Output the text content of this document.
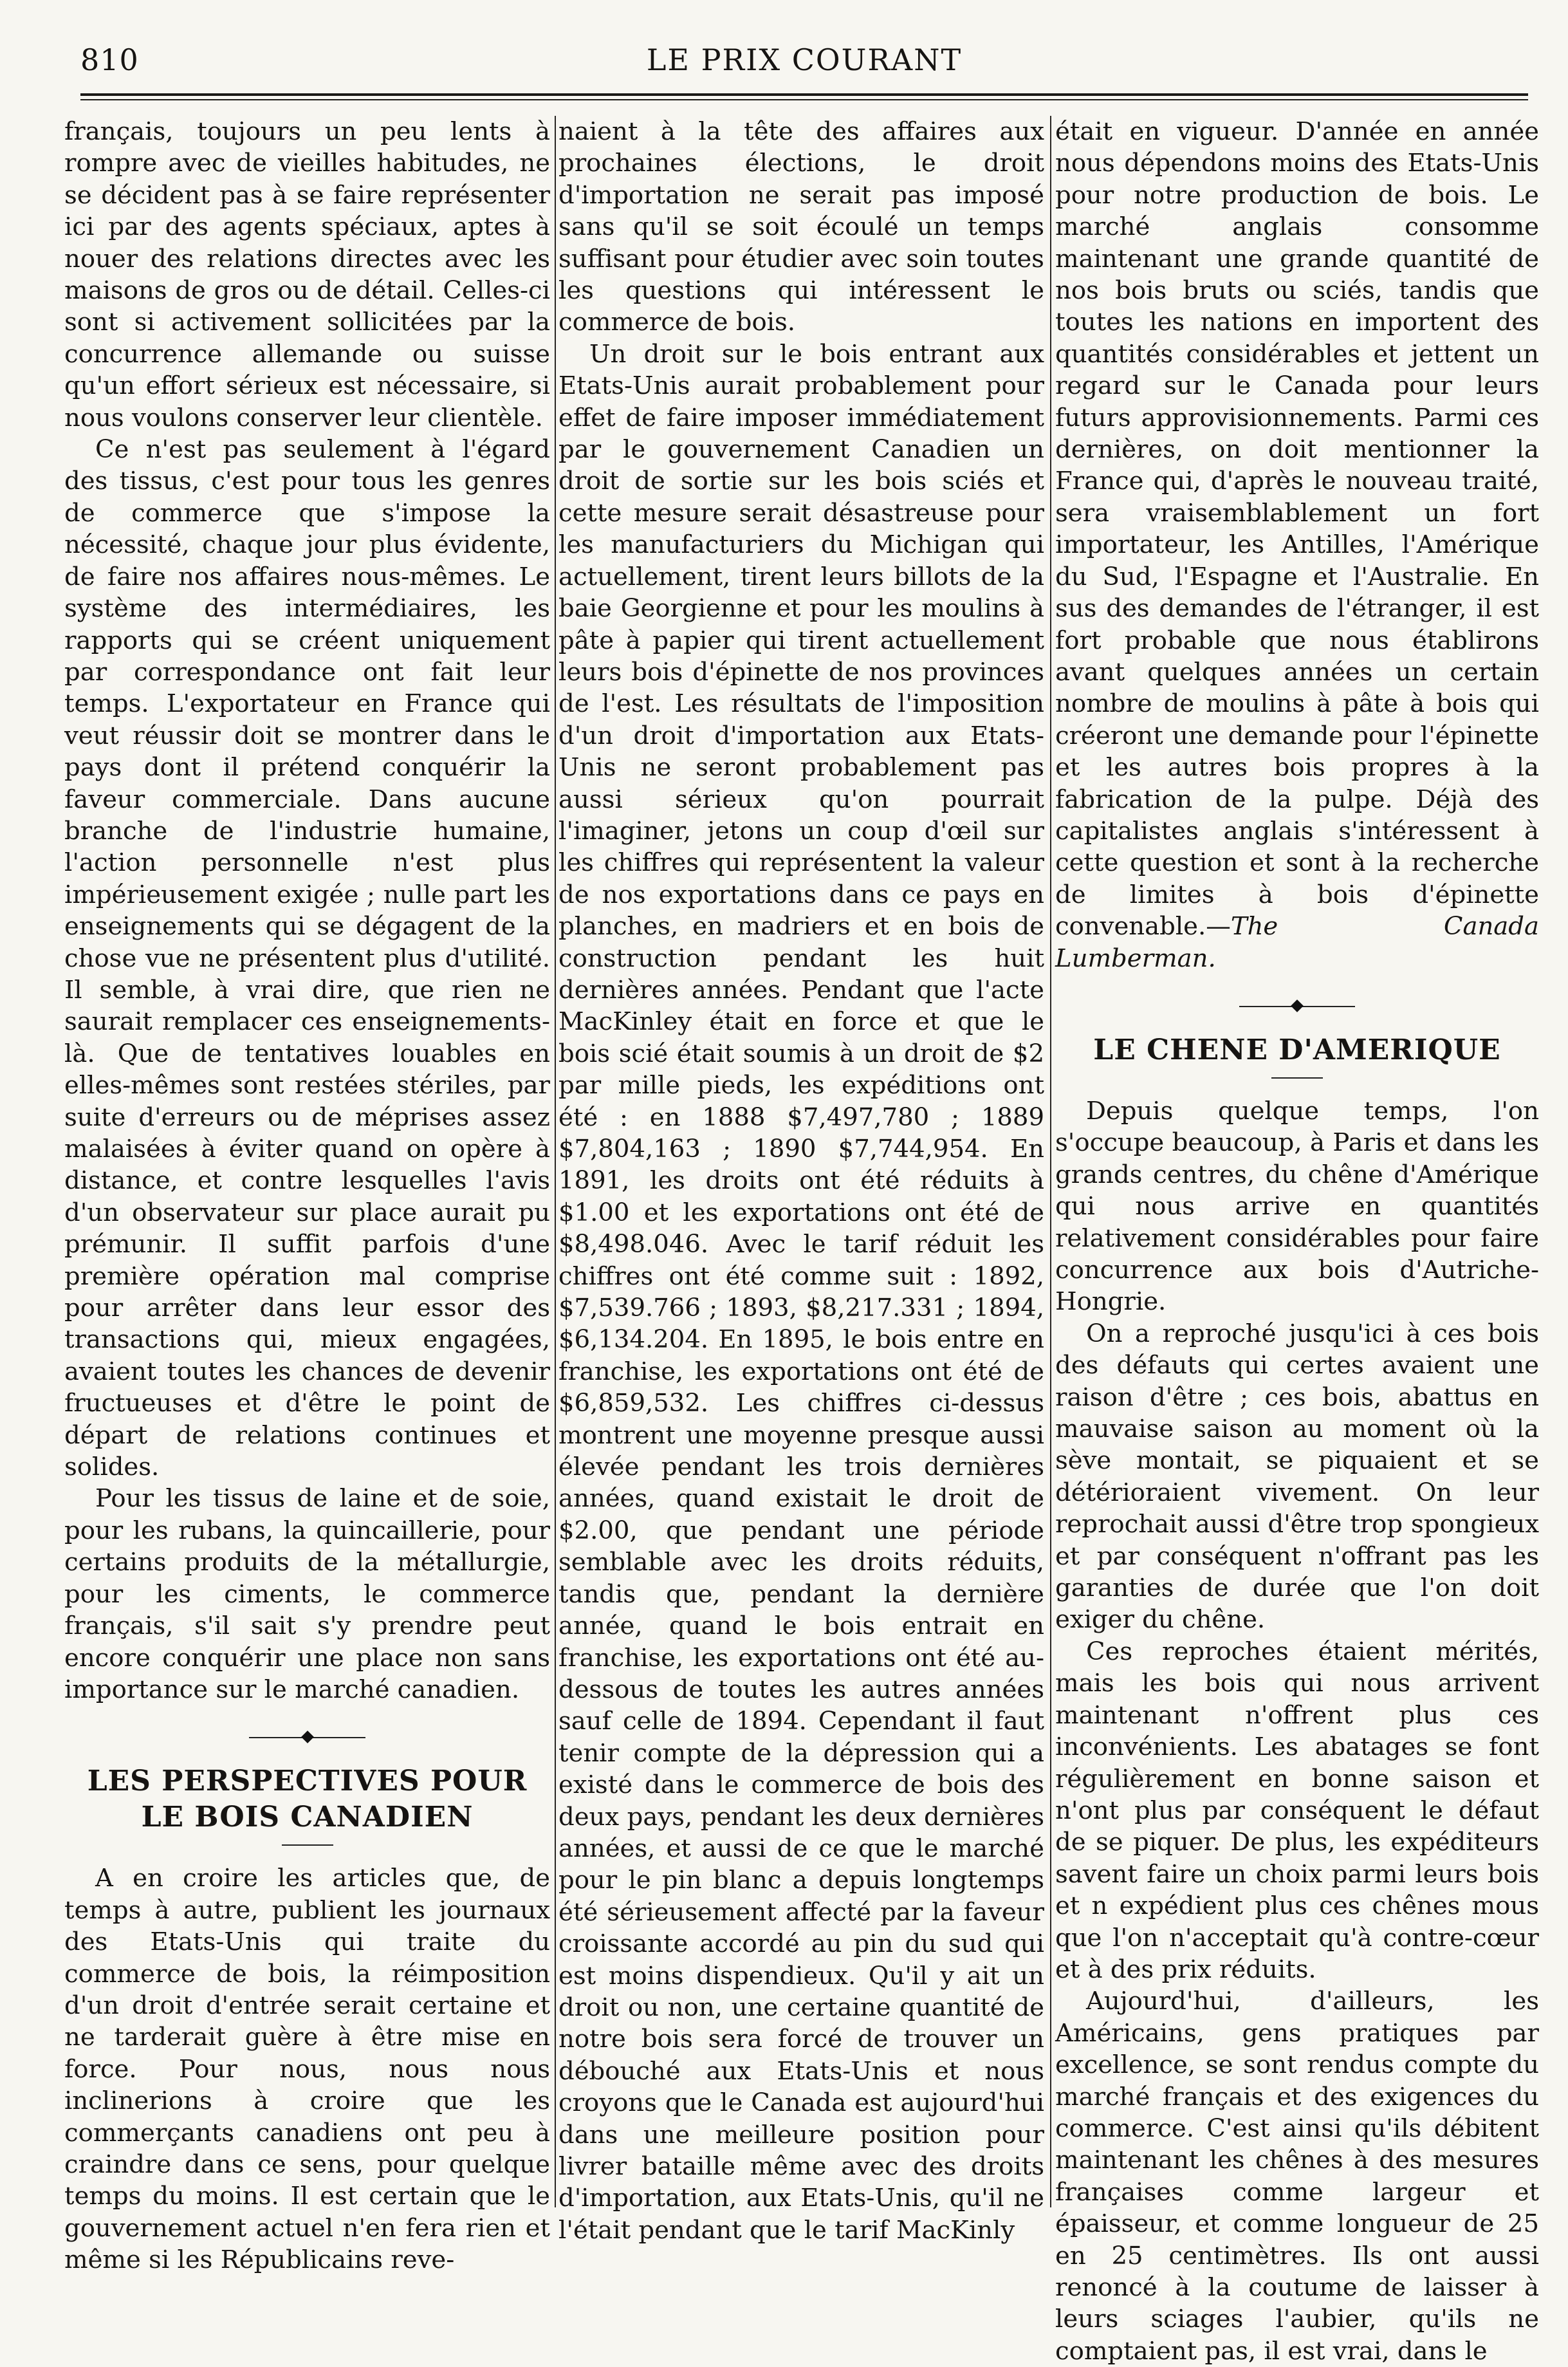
810	LE PRIX COURANT

français, toujours un peu lents à rompre avec de vieilles habitudes, ne se décident pas à se faire représenter ici par des agents spéciaux, aptes à nouer des relations directes avec les maisons de gros ou de détail. Celles-ci sont si activement sollicitées par la concurrence allemande ou suisse qu'un effort sérieux est nécessaire, si nous voulons conserver leur clientèle.

Ce n'est pas seulement à l'égard des tissus, c'est pour tous les genres de commerce que s'impose la nécessité, chaque jour plus évidente, de faire nos affaires nous-mêmes. Le système des intermédiaires, les rapports qui se créent uniquement par correspondance ont fait leur temps. L'exportateur en France qui veut réussir doit se montrer dans le pays dont il prétend conquérir la faveur commerciale. Dans aucune branche de l'industrie humaine, l'action personnelle n'est plus impérieusement exigée ; nulle part les enseignements qui se dégagent de la chose vue ne présentent plus d'utilité. Il semble, à vrai dire, que rien ne saurait remplacer ces enseignements-là. Que de tentatives louables en elles-mêmes sont restées stériles, par suite d'erreurs ou de méprises assez malaisées à éviter quand on opère à distance, et contre lesquelles l'avis d'un observateur sur place aurait pu prémunir. Il suffit parfois d'une première opération mal comprise pour arrêter dans leur essor des transactions qui, mieux engagées, avaient toutes les chances de devenir fructueuses et d'être le point de départ de relations continues et solides.

Pour les tissus de laine et de soie, pour les rubans, la quincaillerie, pour certains produits de la métallurgie, pour les ciments, le commerce français, s'il sait s'y prendre peut encore conquérir une place non sans importance sur le marché canadien.

LES PERSPECTIVES POUR LE BOIS CANADIEN

A en croire les articles que, de temps à autre, publient les journaux des Etats-Unis qui traite du commerce de bois, la réimposition d'un droit d'entrée serait certaine et ne tarderait guère à être mise en force. Pour nous, nous nous inclinerions à croire que les commerçants canadiens ont peu à craindre dans ce sens, pour quelque temps du moins. Il est certain que le gouvernement actuel n'en fera rien et même si les Républicains reve-

naient à la tête des affaires aux prochaines élections, le droit d'importation ne serait pas imposé sans qu'il se soit écoulé un temps suffisant pour étudier avec soin toutes les questions qui intéressent le commerce de bois.

Un droit sur le bois entrant aux Etats-Unis aurait probablement pour effet de faire imposer immédiatement par le gouvernement Canadien un droit de sortie sur les bois sciés et cette mesure serait désastreuse pour les manufacturiers du Michigan qui actuellement, tirent leurs billots de la baie Georgienne et pour les moulins à pâte à papier qui tirent actuellement leurs bois d'épinette de nos provinces de l'est. Les résultats de l'imposition d'un droit d'importation aux Etats-Unis ne seront probablement pas aussi sérieux qu'on pourrait l'imaginer, jetons un coup d'œil sur les chiffres qui représentent la valeur de nos exportations dans ce pays en planches, en madriers et en bois de construction pendant les huit dernières années. Pendant que l'acte MacKinley était en force et que le bois scié était soumis à un droit de $2 par mille pieds, les expéditions ont été : en 1888 $7,497,780 ; 1889 $7,804,163 ; 1890 $7,744,954. En 1891, les droits ont été réduits à $1.00 et les exportations ont été de $8,498.046. Avec le tarif réduit les chiffres ont été comme suit : 1892, $7,539.766 ; 1893, $8,217.331 ; 1894, $6,134.204. En 1895, le bois entre en franchise, les exportations ont été de $6,859,532. Les chiffres ci-dessus montrent une moyenne presque aussi élevée pendant les trois dernières années, quand existait le droit de $2.00, que pendant une période semblable avec les droits réduits, tandis que, pendant la dernière année, quand le bois entrait en franchise, les exportations ont été au-dessous de toutes les autres années sauf celle de 1894. Cependant il faut tenir compte de la dépression qui a existé dans le commerce de bois des deux pays, pendant les deux dernières années, et aussi de ce que le marché pour le pin blanc a depuis longtemps été sérieusement affecté par la faveur croissante accordé au pin du sud qui est moins dispendieux. Qu'il y ait un droit ou non, une certaine quantité de notre bois sera forcé de trouver un débouché aux Etats-Unis et nous croyons que le Canada est aujourd'hui dans une meilleure position pour livrer bataille même avec des droits d'importation, aux Etats-Unis, qu'il ne l'était pendant que le tarif MacKinly

était en vigueur. D'année en année nous dépendons moins des Etats-Unis pour notre production de bois. Le marché anglais consomme maintenant une grande quantité de nos bois bruts ou sciés, tandis que toutes les nations en importent des quantités considérables et jettent un regard sur le Canada pour leurs futurs approvisionnements. Parmi ces dernières, on doit mentionner la France qui, d'après le nouveau traité, sera vraisemblablement un fort importateur, les Antilles, l'Amérique du Sud, l'Espagne et l'Australie. En sus des demandes de l'étranger, il est fort probable que nous établirons avant quelques années un certain nombre de moulins à pâte à bois qui créeront une demande pour l'épinette et les autres bois propres à la fabrication de la pulpe. Déjà des capitalistes anglais s'intéressent à cette question et sont à la recherche de limites à bois d'épinette convenable.—The Canada Lumberman.

LE CHENE D'AMERIQUE

Depuis quelque temps, l'on s'occupe beaucoup, à Paris et dans les grands centres, du chêne d'Amérique qui nous arrive en quantités relativement considérables pour faire concurrence aux bois d'Autriche-Hongrie.

On a reproché jusqu'ici à ces bois des défauts qui certes avaient une raison d'être ; ces bois, abattus en mauvaise saison au moment où la sève montait, se piquaient et se détérioraient vivement. On leur reprochait aussi d'être trop spongieux et par conséquent n'offrant pas les garanties de durée que l'on doit exiger du chêne.

Ces reproches étaient mérités, mais les bois qui nous arrivent maintenant n'offrent plus ces inconvénients. Les abatages se font régulièrement en bonne saison et n'ont plus par conséquent le défaut de se piquer. De plus, les expéditeurs savent faire un choix parmi leurs bois et n expédient plus ces chênes mous que l'on n'acceptait qu'à contre-cœur et à des prix réduits.

Aujourd'hui, d'ailleurs, les Américains, gens pratiques par excellence, se sont rendus compte du marché français et des exigences du commerce. C'est ainsi qu'ils débitent maintenant les chênes à des mesures françaises comme largeur et épaisseur, et comme longueur de 25 en 25 centimètres. Ils ont aussi renoncé à la coutume de laisser à leurs sciages l'aubier, qu'ils ne comptaient pas, il est vrai, dans le
